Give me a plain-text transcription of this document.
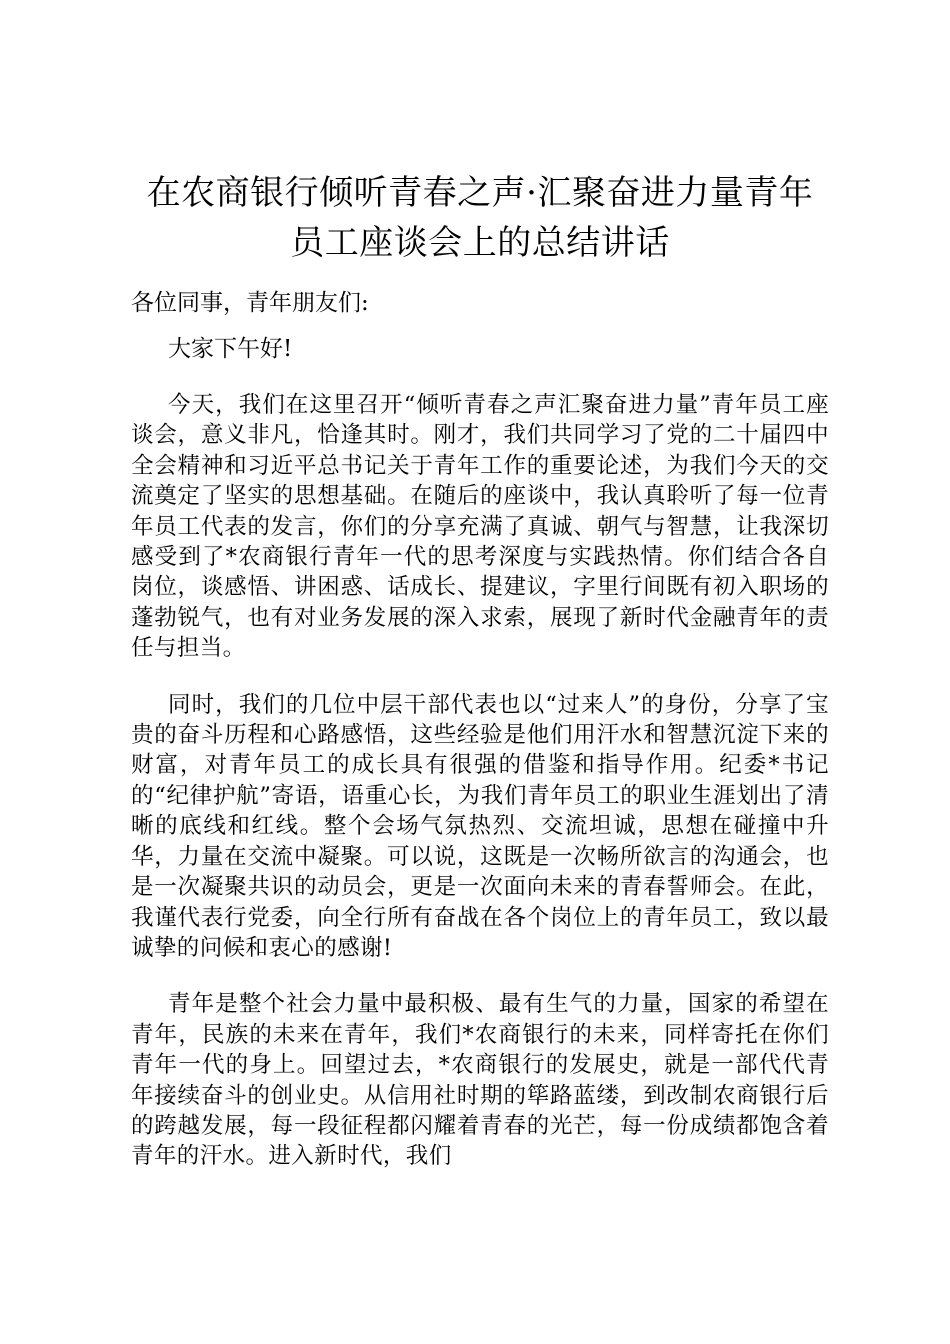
在农商银行倾听青春之声·汇聚奋进力量青年员工座谈会上的总结讲话

各位同事，青年朋友们:

大家下午好!

今天，我们在这里召开“倾听青春之声汇聚奋进力量”青年员工座谈会，意义非凡，恰逢其时。刚才，我们共同学习了党的二十届四中全会精神和习近平总书记关于青年工作的重要论述，为我们今天的交流奠定了坚实的思想基础。在随后的座谈中，我认真聆听了每一位青年员工代表的发言，你们的分享充满了真诚、朝气与智慧，让我深切感受到了*农商银行青年一代的思考深度与实践热情。你们结合各自岗位，谈感悟、讲困惑、话成长、提建议，字里行间既有初入职场的蓬勃锐气，也有对业务发展的深入求索，展现了新时代金融青年的责任与担当。

同时，我们的几位中层干部代表也以“过来人”的身份，分享了宝贵的奋斗历程和心路感悟，这些经验是他们用汗水和智慧沉淀下来的财富，对青年员工的成长具有很强的借鉴和指导作用。纪委*书记的“纪律护航”寄语，语重心长，为我们青年员工的职业生涯划出了清晰的底线和红线。整个会场气氛热烈、交流坦诚，思想在碰撞中升华，力量在交流中凝聚。可以说，这既是一次畅所欲言的沟通会，也是一次凝聚共识的动员会，更是一次面向未来的青春誓师会。在此，我谨代表行党委，向全行所有奋战在各个岗位上的青年员工，致以最诚挚的问候和衷心的感谢!

青年是整个社会力量中最积极、最有生气的力量，国家的希望在青年，民族的未来在青年，我们*农商银行的未来，同样寄托在你们青年一代的身上。回望过去，*农商银行的发展史，就是一部代代青年接续奋斗的创业史。从信用社时期的筚路蓝缕，到改制农商银行后的跨越发展，每一段征程都闪耀着青春的光芒，每一份成绩都饱含着青年的汗水。进入新时代，我们
